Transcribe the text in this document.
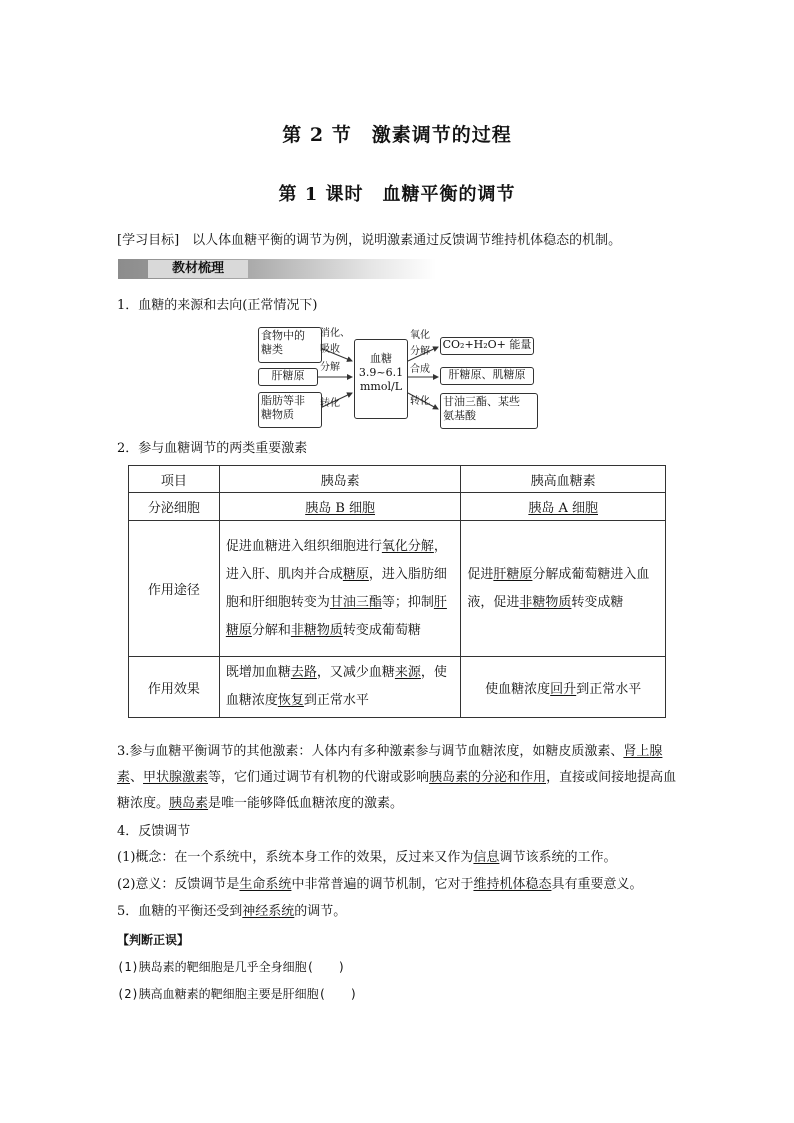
第 2 节　激素调节的过程
第 1 课时　血糖平衡的调节
[学习目标]　以人体血糖平衡的调节为例，说明激素通过反馈调节维持机体稳态的机制。
教材梳理
1．血糖的来源和去向(正常情况下)
食物中的
糖类
肝糖原
脂肪等非
糖物质
消化、
吸收
分解
转化
血糖
3.9~6.1
mmol/L
氧化
分解
合成
转化
CO₂+H₂O+ 能量
肝糖原、肌糖原
甘油三酯、某些
氨基酸
2．参与血糖调节的两类重要激素
项目	胰岛素	胰高血糖素
分泌细胞	胰岛 B 细胞	胰岛 A 细胞
作用途径	促进血糖进入组织细胞进行氧化分解，进入肝、肌肉并合成糖原，进入脂肪细胞和肝细胞转变为甘油三酯等；抑制肝糖原分解和非糖物质转变成葡萄糖	促进肝糖原分解成葡萄糖进入血液，促进非糖物质转变成糖
作用效果	既增加血糖去路，又减少血糖来源，使血糖浓度恢复到正常水平	使血糖浓度回升到正常水平
3.参与血糖平衡调节的其他激素：人体内有多种激素参与调节血糖浓度，如糖皮质激素、肾上腺素、甲状腺激素等，它们通过调节有机物的代谢或影响胰岛素的分泌和作用，直接或间接地提高血糖浓度。胰岛素是唯一能够降低血糖浓度的激素。
4．反馈调节
(1)概念：在一个系统中，系统本身工作的效果，反过来又作为信息调节该系统的工作。
(2)意义：反馈调节是生命系统中非常普遍的调节机制，它对于维持机体稳态具有重要意义。
5．血糖的平衡还受到神经系统的调节。
【判断正误】
(1)胰岛素的靶细胞是几乎全身细胞(　　)
(2)胰高血糖素的靶细胞主要是肝细胞(　　)
